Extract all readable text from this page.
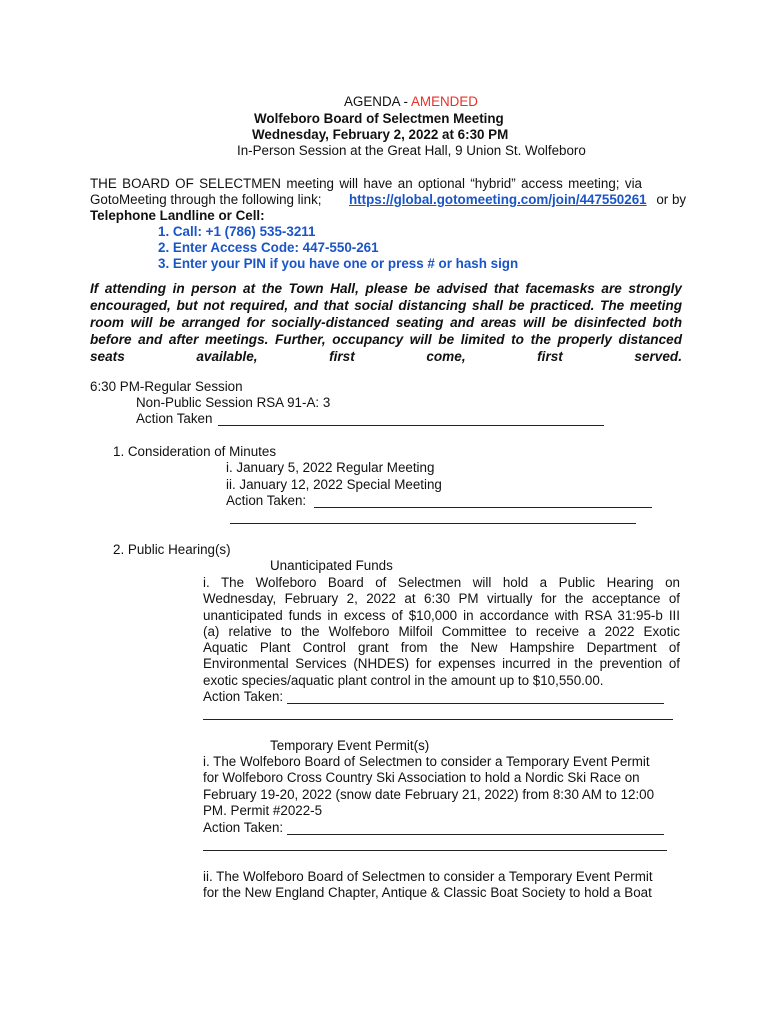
AGENDA - AMENDED
Wolfeboro Board of Selectmen Meeting
Wednesday, February 2, 2022 at 6:30 PM
In-Person Session at the Great Hall, 9 Union St. Wolfeboro
THE BOARD OF SELECTMEN meeting will have an optional “hybrid” access meeting; via
GotoMeeting through the following link; https://global.gotomeeting.com/join/447550261 or by
Telephone Landline or Cell:
1. Call: +1 (786) 535-3211
2. Enter Access Code: 447-550-261
3. Enter your PIN if you have one or press # or hash sign
If attending in person at the Town Hall, please be advised that facemasks are strongly encouraged, but not required, and that social distancing shall be practiced. The meeting room will be arranged for socially-distanced seating and areas will be disinfected both before and after meetings. Further, occupancy will be limited to the properly distanced seats available, first come, first served.
6:30 PM-Regular Session
Non-Public Session RSA 91-A: 3
Action Taken
1. Consideration of Minutes
i. January 5, 2022 Regular Meeting
ii. January 12, 2022 Special Meeting
Action Taken:
2. Public Hearing(s)
Unanticipated Funds
i. The Wolfeboro Board of Selectmen will hold a Public Hearing on
Wednesday, February 2, 2022 at 6:30 PM virtually for the acceptance of
unanticipated funds in excess of $10,000 in accordance with RSA 31:95-b III
(a) relative to the Wolfeboro Milfoil Committee to receive a 2022 Exotic
Aquatic Plant Control grant from the New Hampshire Department of
Environmental Services (NHDES) for expenses incurred in the prevention of
exotic species/aquatic plant control in the amount up to $10,550.00.
Action Taken:
Temporary Event Permit(s)
i. The Wolfeboro Board of Selectmen to consider a Temporary Event Permit
for Wolfeboro Cross Country Ski Association to hold a Nordic Ski Race on
February 19-20, 2022 (snow date February 21, 2022) from 8:30 AM to 12:00
PM. Permit #2022-5
Action Taken:
ii. The Wolfeboro Board of Selectmen to consider a Temporary Event Permit
for the New England Chapter, Antique & Classic Boat Society to hold a Boat
